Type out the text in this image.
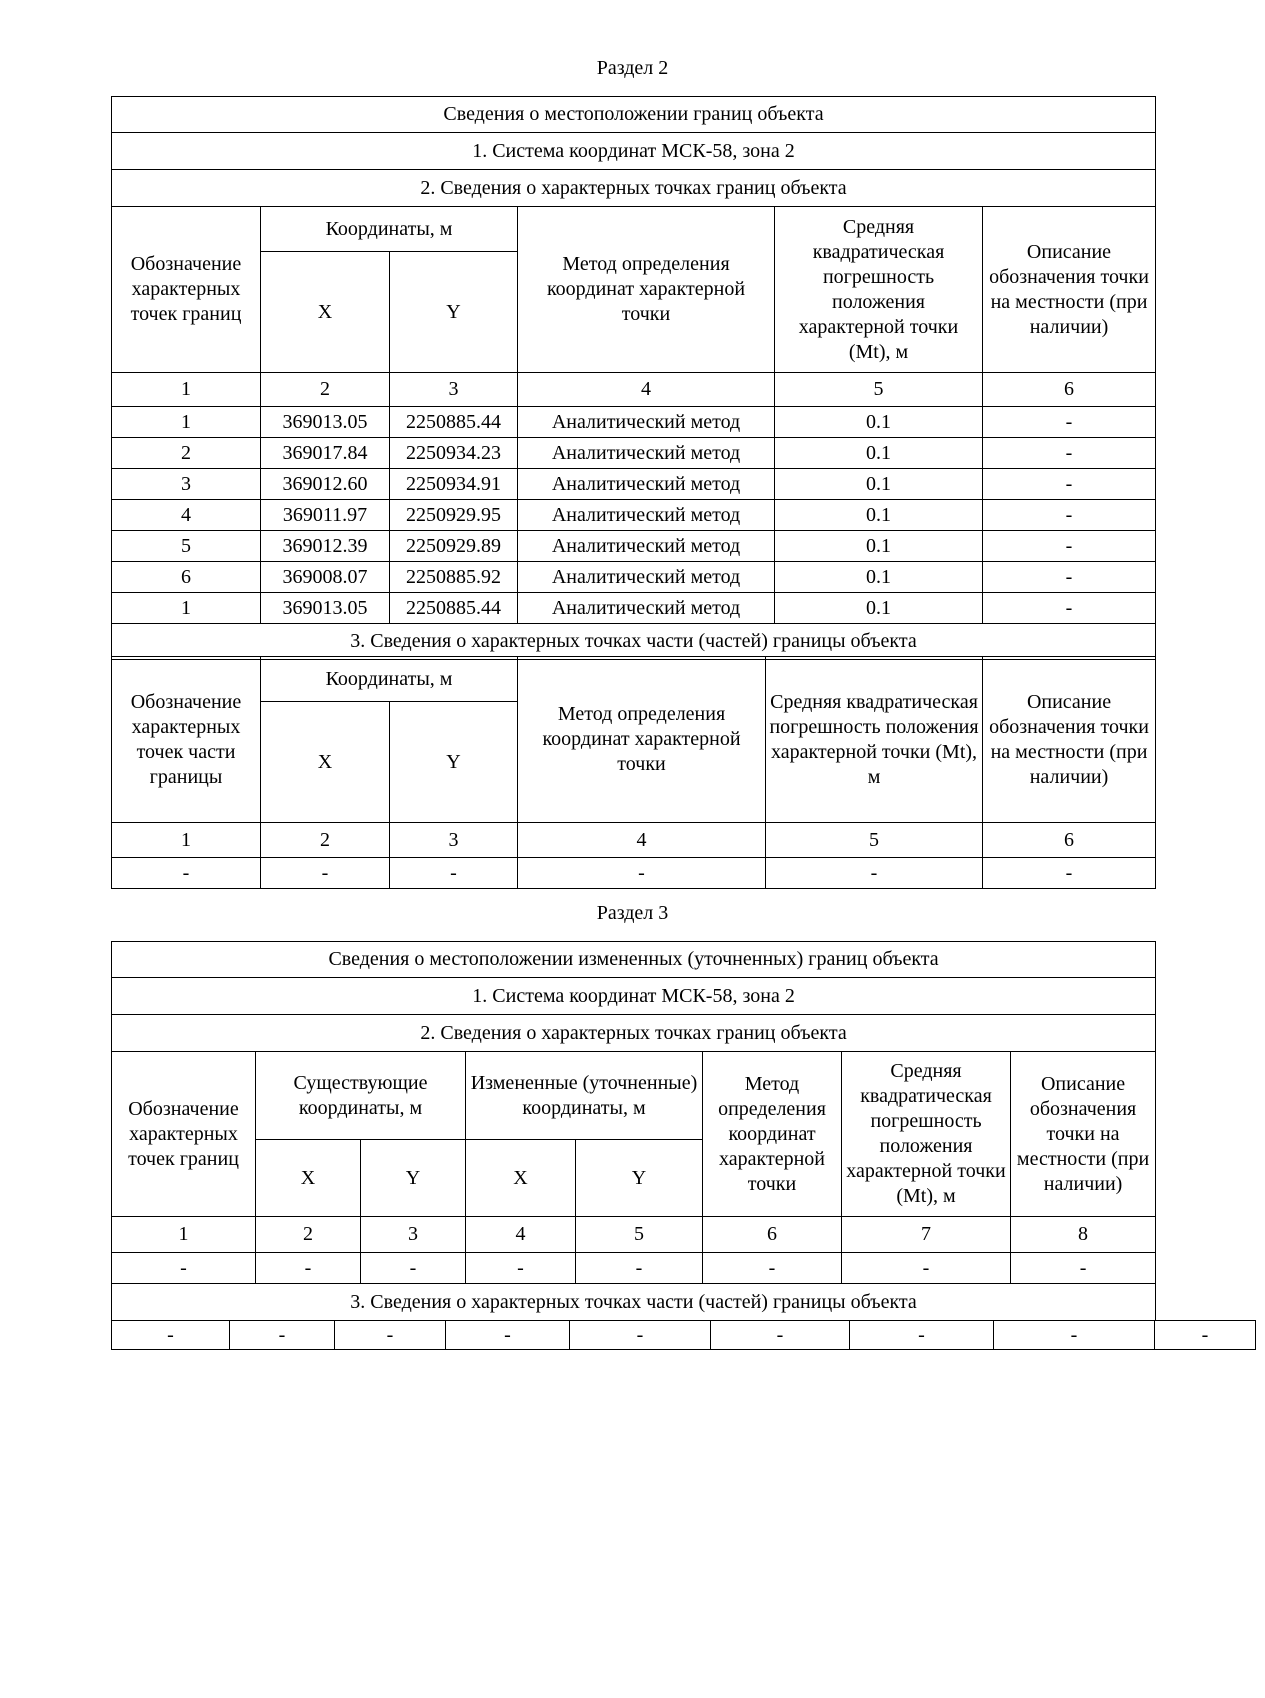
Раздел 2
Сведения о местоположении границ объекта					
1. Система координат МСК-58, зона 2					
2. Сведения о характерных точках границ объекта					
Обозначение характерных точек границ	Координаты, м		Метод определения координат характерной точки	Средняя квадратическая погрешность положения характерной точки (Mt), м	Описание обозначения точки на местности (при наличии)
	X	Y			
1	2	3	4	5	6
1	369013.05	2250885.44	Аналитический метод	0.1	-
2	369017.84	2250934.23	Аналитический метод	0.1	-
3	369012.60	2250934.91	Аналитический метод	0.1	-
4	369011.97	2250929.95	Аналитический метод	0.1	-
5	369012.39	2250929.89	Аналитический метод	0.1	-
6	369008.07	2250885.92	Аналитический метод	0.1	-
1	369013.05	2250885.44	Аналитический метод	0.1	-
3. Сведения о характерных точках части (частей) границы объекта					
Обозначение характерных точек части границы	Координаты, м		Метод определения координат характерной точки	Средняя квадратическая погрешность положения характерной точки (Mt), м	Описание обозначения точки на местности (при наличии)
	X	Y			
1	2	3	4	5	6
-	-	-	-	-	-
Раздел 3
Сведения о местоположении измененных (уточненных) границ объекта							
1. Система координат МСК-58, зона 2							
2. Сведения о характерных точках границ объекта							
Обозначение характерных точек границ	Существующие координаты, м		Измененные (уточненные) координаты, м		Метод определения координат характерной точки	Средняя квадратическая погрешность положения характерной точки (Mt), м	Описание обозначения точки на местности (при наличии)
	X	Y	X	Y			
1	2	3	4	5	6	7	8
-	-	-	-	-	-	-	-
3. Сведения о характерных точках части (частей) границы объекта							
-	-	-	-	-	-	-	-	-
